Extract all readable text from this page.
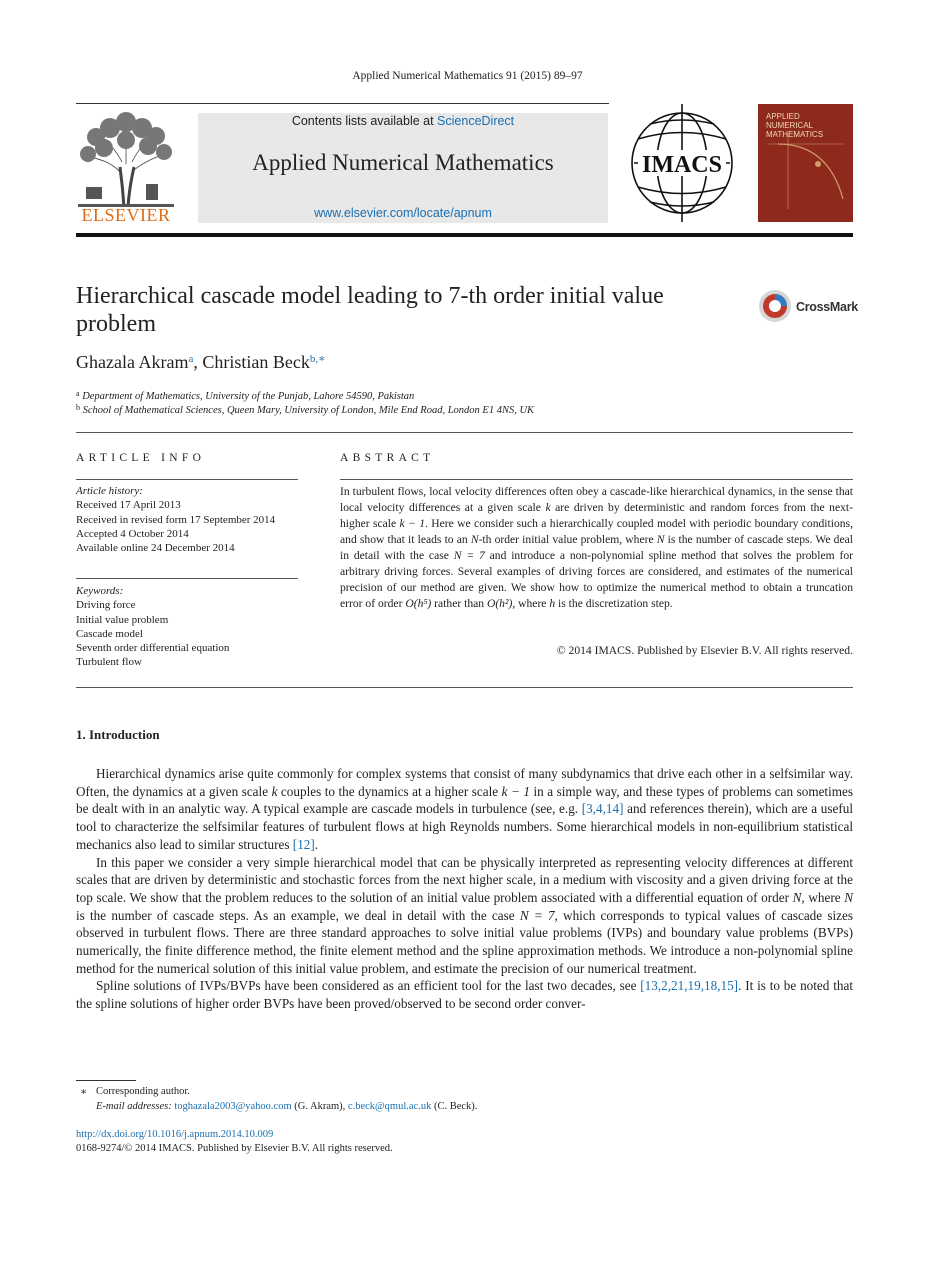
Applied Numerical Mathematics 91 (2015) 89–97
ELSEVIER
Contents lists available at ScienceDirect
Applied Numerical Mathematics
www.elsevier.com/locate/apnum
IMACS
APPLIED
NUMERICAL
MATHEMATICS
Hierarchical cascade model leading to 7-th order initial value
problem
CrossMark
Ghazala Akram$^a$, Christian Beck$^{b,∗}$
$^a$ Department of Mathematics, University of the Punjab, Lahore 54590, Pakistan
$^b$ School of Mathematical Sciences, Queen Mary, University of London, Mile End Road, London E1 4NS, UK
ARTICLE INFO
Article history:
Received 17 April 2013
Received in revised form 17 September 2014
Accepted 4 October 2014
Available online 24 December 2014
Keywords:
Driving force
Initial value problem
Cascade model
Seventh order differential equation
Turbulent flow
ABSTRACT
In turbulent flows, local velocity differences often obey a cascade-like hierarchical dynamics, in the sense that local velocity differences at a given scale k are driven by deterministic and random forces from the next-higher scale k − 1. Here we consider such a hierarchically coupled model with periodic boundary conditions, and show that it leads to an N-th order initial value problem, where N is the number of cascade steps. We deal in detail with the case N = 7 and introduce a non-polynomial spline method that solves the problem for arbitrary driving forces. Several examples of driving forces are considered, and estimates of the numerical precision of our method are given. We show how to optimize the numerical method to obtain a truncation error of order O(h⁵) rather than O(h²), where h is the discretization step.
© 2014 IMACS. Published by Elsevier B.V. All rights reserved.
1. Introduction

Hierarchical dynamics arise quite commonly for complex systems that consist of many subdynamics that drive each other in a selfsimilar way. Often, the dynamics at a given scale k couples to the dynamics at a higher scale k − 1 in a simple way, and these types of problems can sometimes be dealt with in an analytic way. A typical example are cascade models in turbulence (see, e.g. [3,4,14] and references therein), which are a useful tool to characterize the selfsimilar features of turbulent flows at high Reynolds numbers. Some hierarchical models in non-equilibrium statistical mechanics also lead to similar structures [12].

In this paper we consider a very simple hierarchical model that can be physically interpreted as representing velocity differences at different scales that are driven by deterministic and stochastic forces from the next higher scale, in a medium with viscosity and a given driving force at the top scale. We show that the problem reduces to the solution of an initial value problem associated with a differential equation of order N, where N is the number of cascade steps. As an example, we deal in detail with the case N = 7, which corresponds to typical values of cascade sizes observed in turbulent flows. There are three standard approaches to solve initial value problems (IVPs) and boundary value problems (BVPs) numerically, the finite difference method, the finite element method and the spline approximation methods. We introduce a non-polynomial spline method for the numerical solution of this initial value problem, and estimate the precision of our numerical treatment.

Spline solutions of IVPs/BVPs have been considered as an efficient tool for the last two decades, see [13,2,21,19,18,15]. It is to be noted that the spline solutions of higher order BVPs have been proved/observed to be second order conver-

∗ Corresponding author.
E-mail addresses: toghazala2003@yahoo.com (G. Akram), c.beck@qmul.ac.uk (C. Beck).
http://dx.doi.org/10.1016/j.apnum.2014.10.009
0168-9274/© 2014 IMACS. Published by Elsevier B.V. All rights reserved.
